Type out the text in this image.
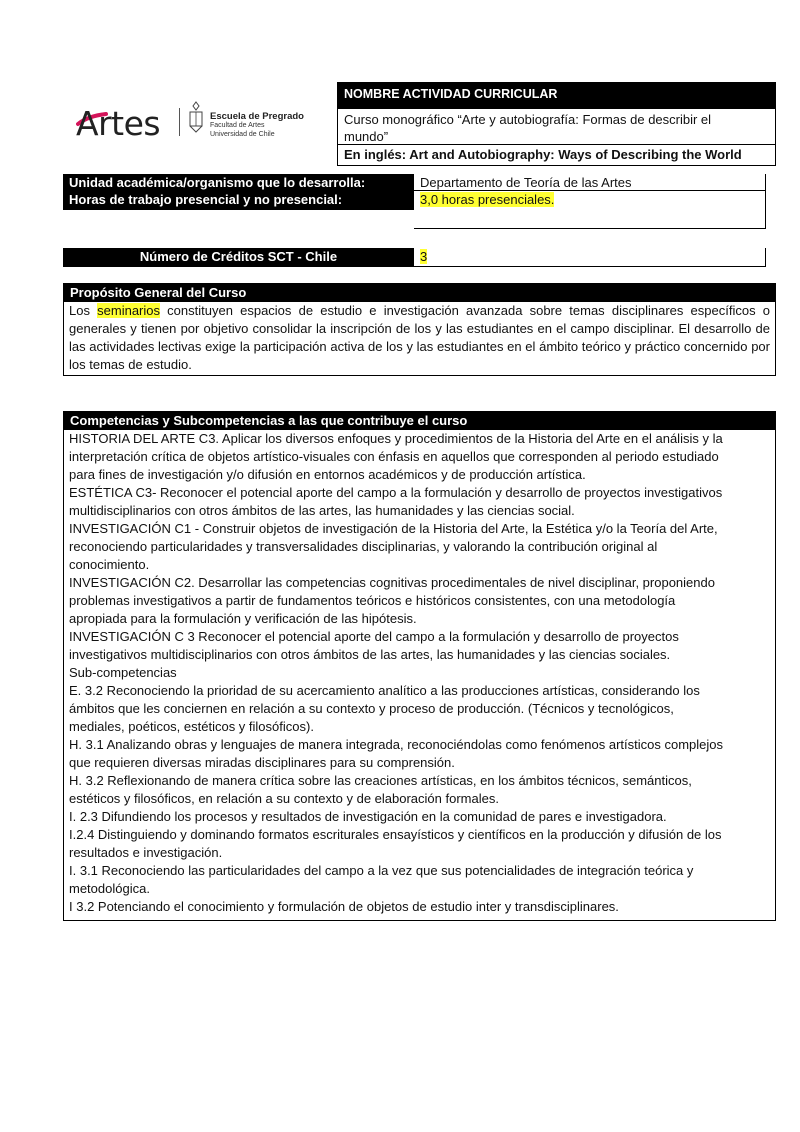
Artes	Escuela de Pregrado
Facultad de Artes
Universidad de Chile
NOMBRE ACTIVIDAD CURRICULAR
Curso monográfico “Arte y autobiografía: Formas de describir el
mundo”
En inglés: Art and Autobiography: Ways of Describing the World
Unidad académica/organismo que lo desarrolla:	Departamento de Teoría de las Artes
Horas de trabajo presencial y no presencial:	3,0 horas presenciales.
Número de Créditos SCT - Chile	3
Propósito General del Curso
Los seminarios constituyen espacios de estudio e investigación avanzada sobre temas disciplinares específicos o generales y tienen por objetivo consolidar la inscripción de los y las estudiantes en el campo disciplinar. El desarrollo de las actividades lectivas exige la participación activa de los y las estudiantes en el ámbito teórico y práctico concernido por los temas de estudio.
Competencias y Subcompetencias a las que contribuye el curso
HISTORIA DEL ARTE C3. Aplicar los diversos enfoques y procedimientos de la Historia del Arte en el análisis y la
interpretación crítica de objetos artístico-visuales con énfasis en aquellos que corresponden al periodo estudiado
para fines de investigación y/o difusión en entornos académicos y de producción artística.
ESTÉTICA C3- Reconocer el potencial aporte del campo a la formulación y desarrollo de proyectos investigativos
multidisciplinarios con otros ámbitos de las artes, las humanidades y las ciencias social.
INVESTIGACIÓN C1 - Construir objetos de investigación de la Historia del Arte, la Estética y/o la Teoría del Arte,
reconociendo particularidades y transversalidades disciplinarias, y valorando la contribución original al
conocimiento.
INVESTIGACIÓN C2. Desarrollar las competencias cognitivas procedimentales de nivel disciplinar, proponiendo
problemas investigativos a partir de fundamentos teóricos e históricos consistentes, con una metodología
apropiada para la formulación y verificación de las hipótesis.
INVESTIGACIÓN C 3 Reconocer el potencial aporte del campo a la formulación y desarrollo de proyectos
investigativos multidisciplinarios con otros ámbitos de las artes, las humanidades y las ciencias sociales.
Sub-competencias
E. 3.2 Reconociendo la prioridad de su acercamiento analítico a las producciones artísticas, considerando los
ámbitos que les conciernen en relación a su contexto y proceso de producción. (Técnicos y tecnológicos,
mediales, poéticos, estéticos y filosóficos).
H. 3.1 Analizando obras y lenguajes de manera integrada, reconociéndolas como fenómenos artísticos complejos
que requieren diversas miradas disciplinares para su comprensión.
H. 3.2 Reflexionando de manera crítica sobre las creaciones artísticas, en los ámbitos técnicos, semánticos,
estéticos y filosóficos, en relación a su contexto y de elaboración formales.
I. 2.3 Difundiendo los procesos y resultados de investigación en la comunidad de pares e investigadora.
I.2.4 Distinguiendo y dominando formatos escriturales ensayísticos y científicos en la producción y difusión de los
resultados e investigación.
I. 3.1 Reconociendo las particularidades del campo a la vez que sus potencialidades de integración teórica y
metodológica.
I 3.2 Potenciando el conocimiento y formulación de objetos de estudio inter y transdisciplinares.
